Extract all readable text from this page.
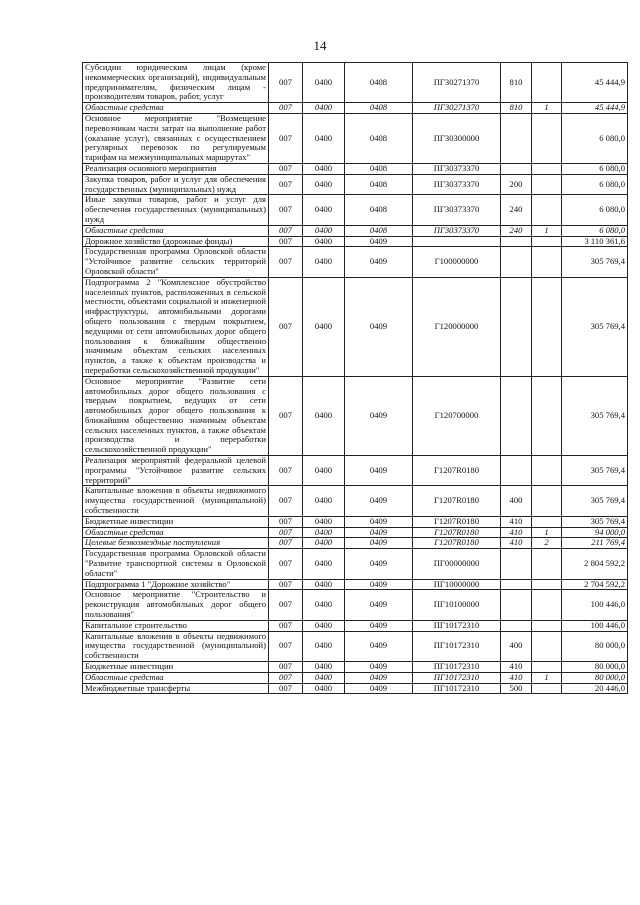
14
Субсидии юридическим лицам (кроме некоммерческих организаций), индивидуальным предпринимателям, физическим лицам - производителям товаров, работ, услуг	007	0400	0408	ПГ30271370	810		45 444,9
Областные средства	007	0400	0408	ПГ30271370	810	1	45 444,9
Основное мероприятие "Возмещение перевозчикам части затрат на выполнение работ (оказание услуг), связанных с осуществлением регулярных перевозок по регулируемым тарифам на межмуниципальных маршрутах"	007	0400	0408	ПГ30300000			6 080,0
Реализация основного мероприятия	007	0400	0408	ПГ30373370			6 080,0
Закупка товаров, работ и услуг для обеспечения государственных (муниципальных) нужд	007	0400	0408	ПГ30373370	200		6 080,0
Иные закупки товаров, работ и услуг для обеспечения государственных (муниципальных) нужд	007	0400	0408	ПГ30373370	240		6 080,0
Областные средства	007	0400	0408	ПГ30373370	240	1	6 080,0
Дорожное хозяйство (дорожные фонды)	007	0400	0409				3 110 361,6
Государственная программа Орловской области "Устойчивое развитие сельских территорий Орловской области"	007	0400	0409	Г100000000			305 769,4
Подпрограмма 2 "Комплексное обустройство населенных пунктов, расположенных в сельской местности, объектами социальной и инженерной инфраструктуры, автомобильными дорогами общего пользования с твердым покрытием, ведущими от сети автомобильных дорог общего пользования к ближайшим общественно значимым объектам сельских населенных пунктов, а также к объектам производства и переработки сельскохозяйственной продукции"	007	0400	0409	Г120000000			305 769,4
Основное мероприятие "Развитие сети автомобильных дорог общего пользования с твердым покрытием, ведущих от сети автомобильных дорог общего пользования к ближайшим общественно значимым объектам сельских населенных пунктов, а также объектам производства и переработки сельскохозяйственной продукции"	007	0400	0409	Г120700000			305 769,4
Реализация мероприятий федеральной целевой программы "Устойчивое развитие сельских территорий"	007	0400	0409	Г1207R0180			305 769,4
Капитальные вложения в объекты недвижимого имущества государственной (муниципальной) собственности	007	0400	0409	Г1207R0180	400		305 769,4
Бюджетные инвестиции	007	0400	0409	Г1207R0180	410		305 769,4
Областные средства	007	0400	0409	Г1207R0180	410	1	94 000,0
Целевые безвозмездные поступления	007	0400	0409	Г1207R0180	410	2	211 769,4
Государственная программа Орловской области "Развитие транспортной системы в Орловской области"	007	0400	0409	ПГ00000000			2 804 592,2
Подпрограмма 1 "Дорожное хозяйство"	007	0400	0409	ПГ10000000			2 704 592,2
Основное мероприятие "Строительство и реконструкция автомобильных дорог общего пользования"	007	0400	0409	ПГ10100000			100 446,0
Капитальное строительство	007	0400	0409	ПГ10172310			100 446,0
Капитальные вложения в объекты недвижимого имущества государственной (муниципальной) собственности	007	0400	0409	ПГ10172310	400		80 000,0
Бюджетные инвестиции	007	0400	0409	ПГ10172310	410		80 000,0
Областные средства	007	0400	0409	ПГ10172310	410	1	80 000,0
Межбюджетные трансферты	007	0400	0409	ПГ10172310	500		20 446,0
